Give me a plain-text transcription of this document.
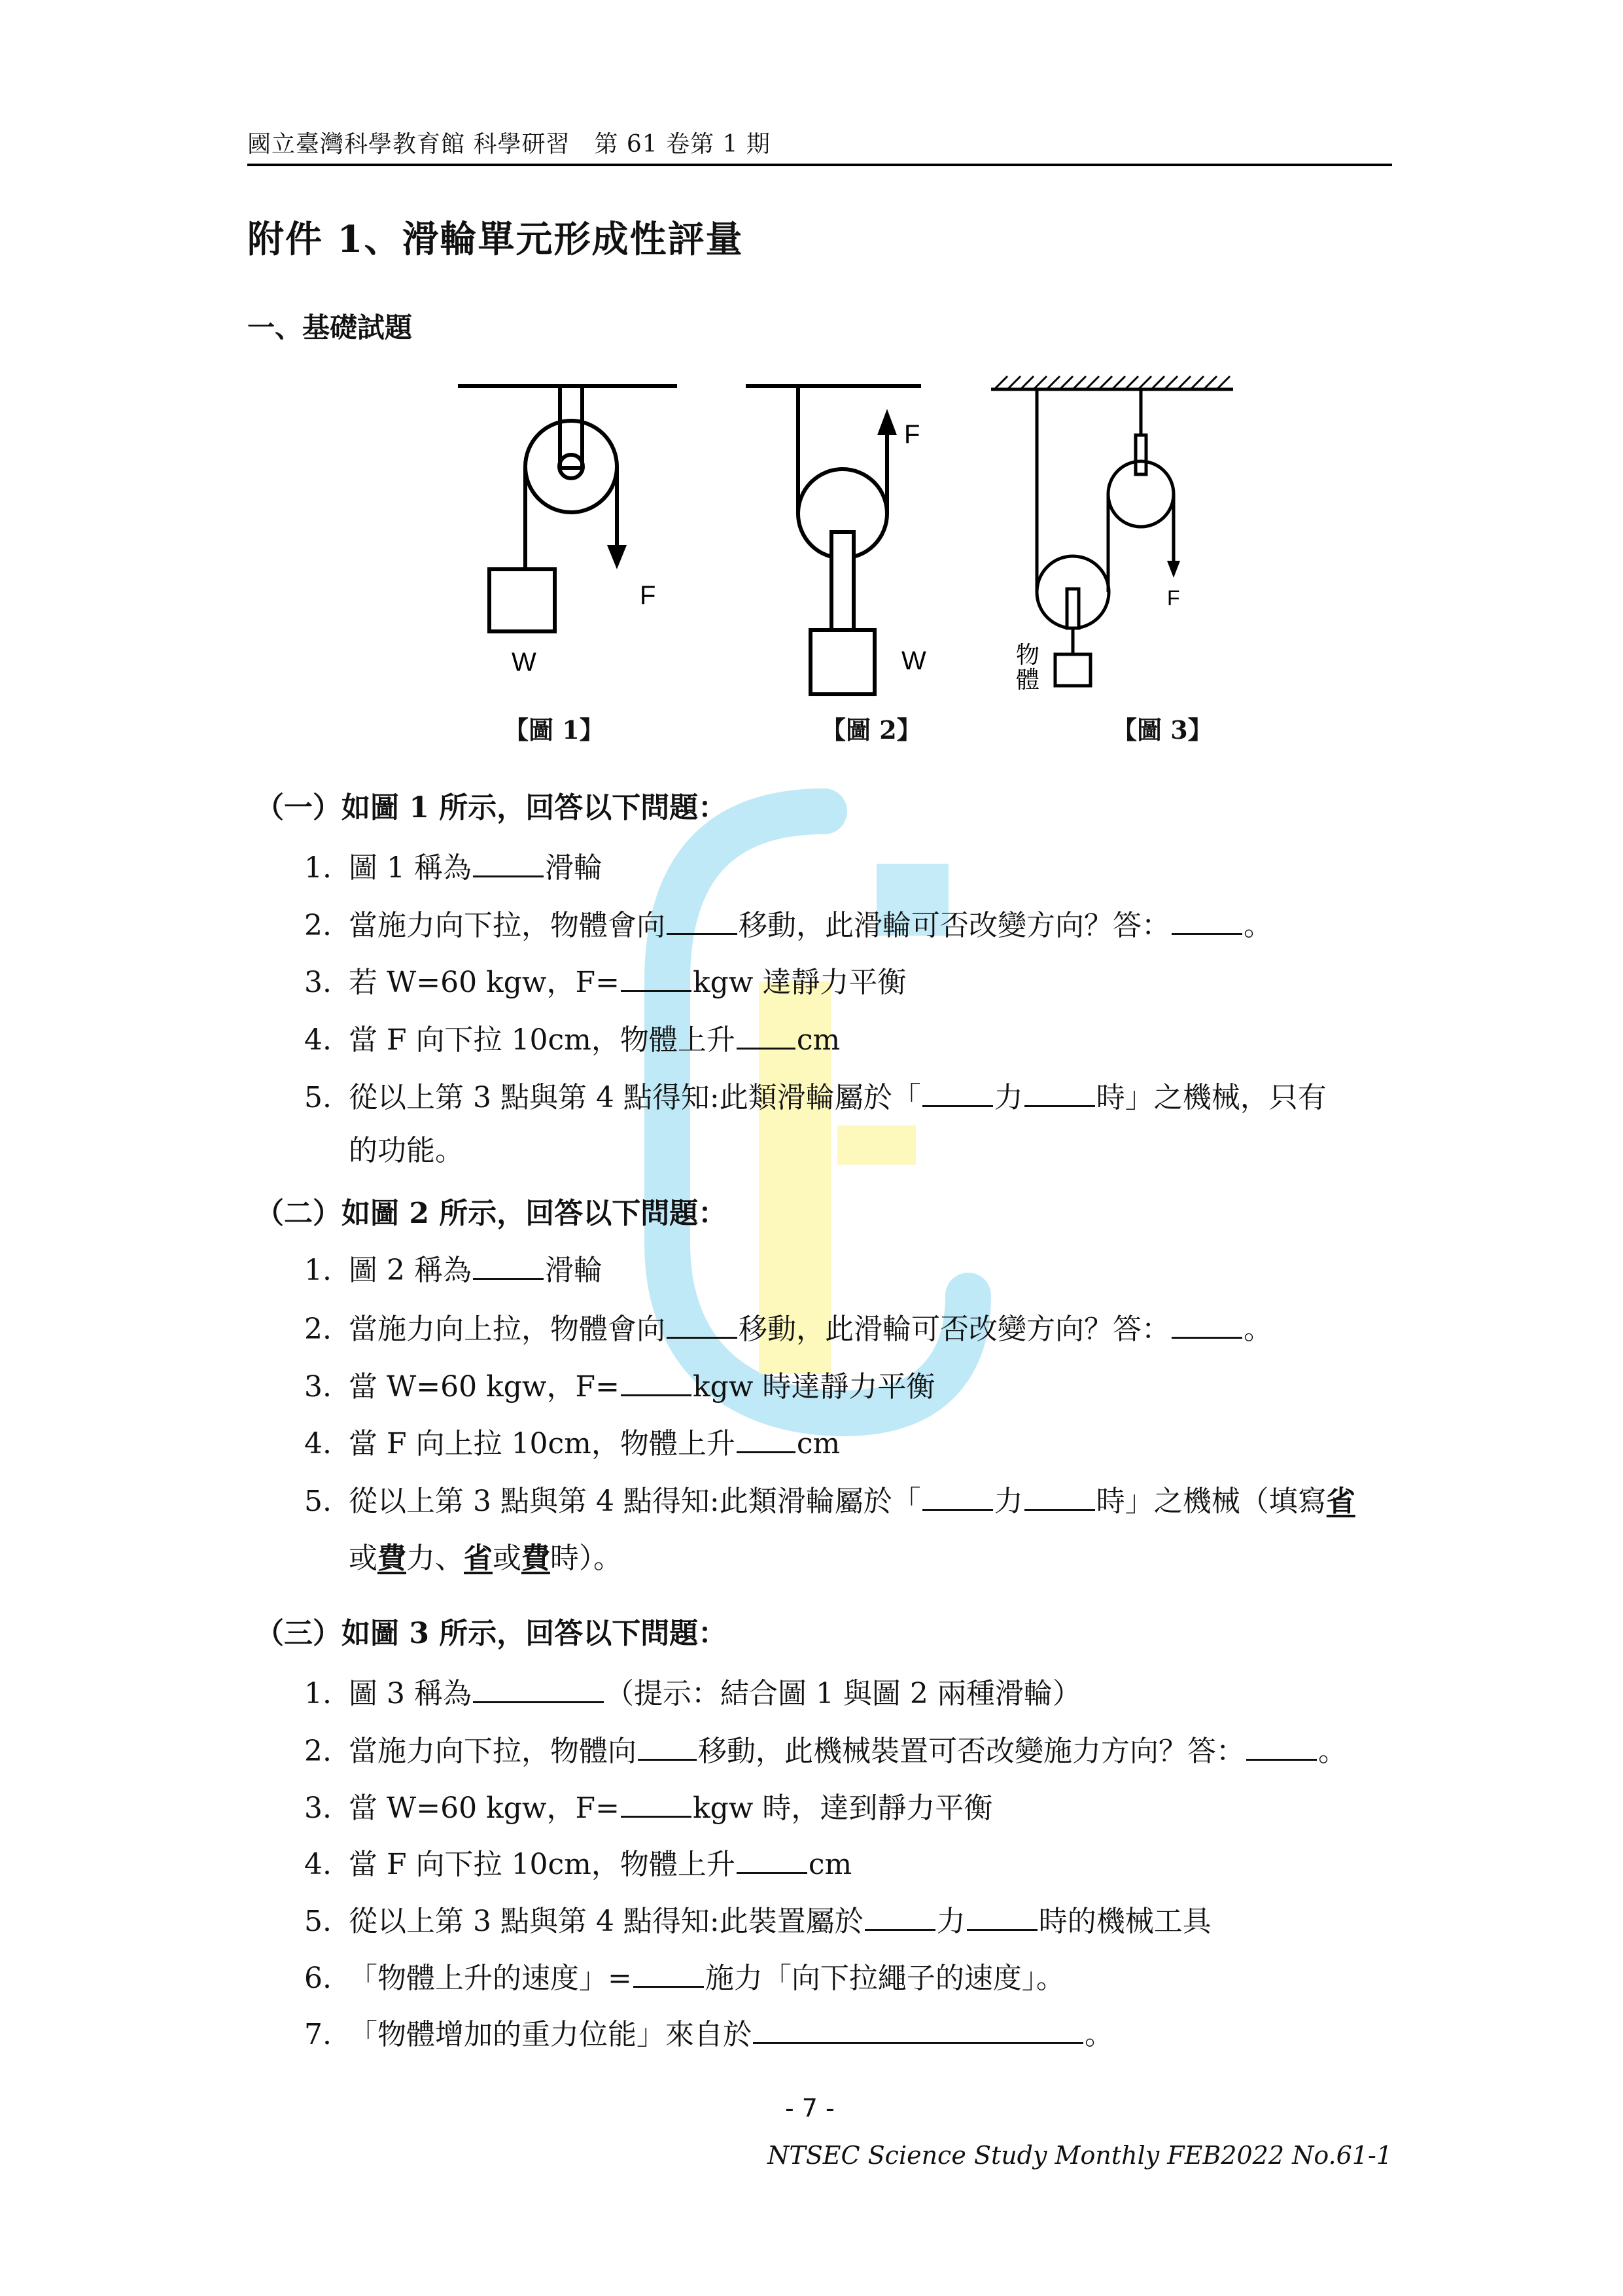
國立臺灣科學教育館 科學研習　第 61 卷第 1 期
附件 1、滑輪單元形成性評量
一、基礎試題
F
W
F
W
F
物
體
【圖 1】	【圖 2】	【圖 3】
（一）如圖 1 所示，回答以下問題：
1. 圖 1 稱為	滑輪
2. 當施力向下拉，物體會向	移動，此滑輪可否改變方向？答：	。
3. 若 W=60 kgw，F=	kgw 達靜力平衡
4. 當 F 向下拉 10cm，物體上升 cm
5. 從以上第 3 點與第 4 點得知:此類滑輪屬於「	力	時」之機械，只有
的功能。
（二）如圖 2 所示，回答以下問題：
1. 圖 2 稱為	滑輪
2. 當施力向上拉，物體會向	移動，此滑輪可否改變方向？答：	。
3. 當 W=60 kgw，F=	kgw 時達靜力平衡
4. 當 F 向上拉 10cm，物體上升 cm
5. 從以上第 3 點與第 4 點得知:此類滑輪屬於「	力	時」之機械（填寫省
或費力、省或費時）。
（三）如圖 3 所示，回答以下問題：
1. 圖 3 稱為	（提示：結合圖 1 與圖 2 兩種滑輪）
2. 當施力向下拉，物體向 移動，此機械裝置可否改變施力方向？答：	。
3. 當 W=60 kgw，F=	kgw 時，達到靜力平衡
4. 當 F 向下拉 10cm，物體上升	cm
5. 從以上第 3 點與第 4 點得知:此裝置屬於	力	時的機械工具
6. 「物體上升的速度」=	施力「向下拉繩子的速度」。
7. 「物體增加的重力位能」來自於	。
- 7 -
NTSEC Science Study Monthly FEB2022 No.61-1
